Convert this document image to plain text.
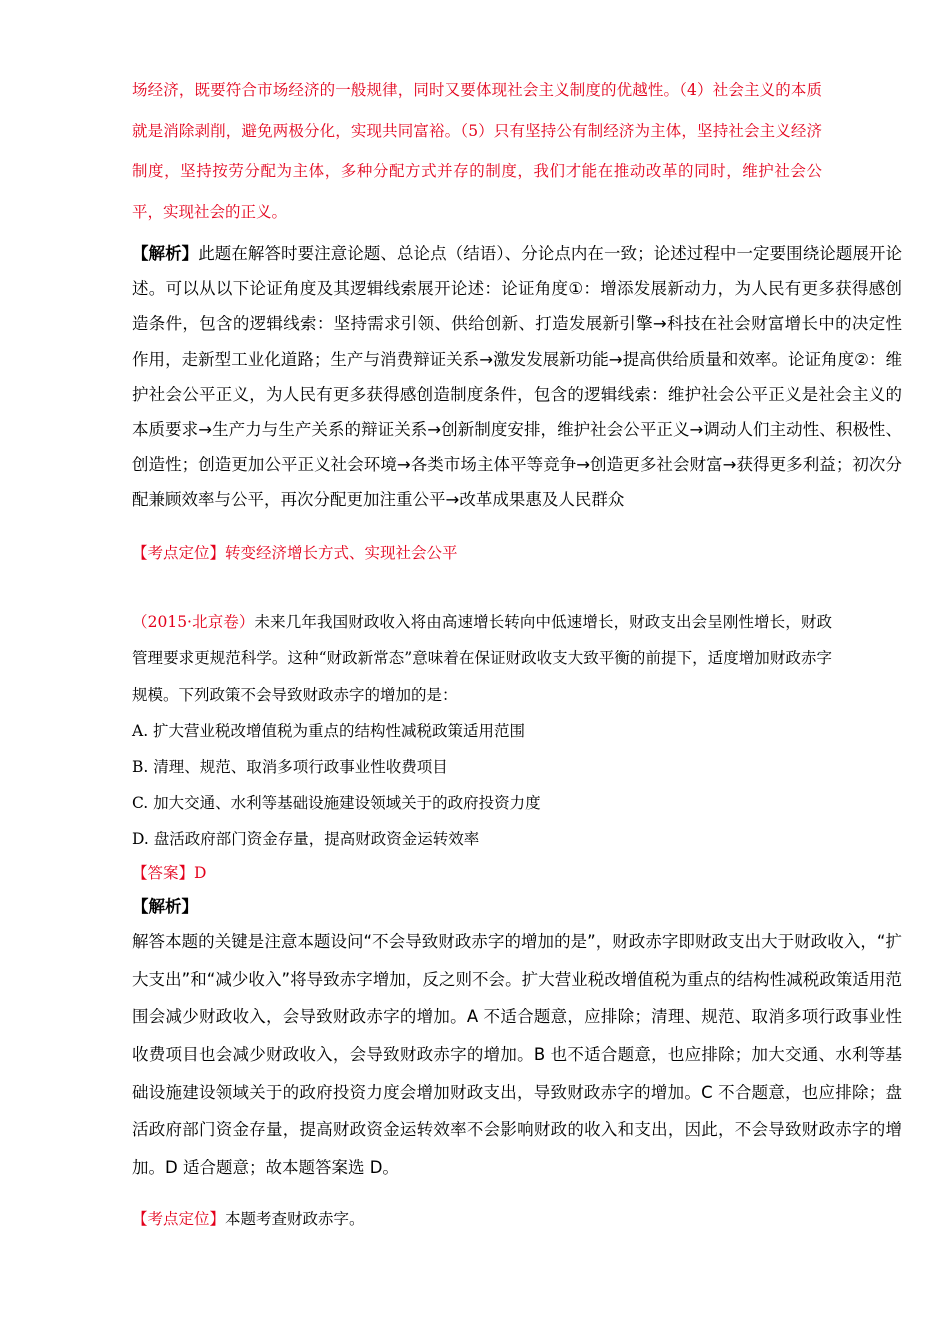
场经济，既要符合市场经济的一般规律，同时又要体现社会主义制度的优越性。（4）社会主义的本质就是消除剥削，避免两极分化，实现共同富裕。（5）只有坚持公有制经济为主体，坚持社会主义经济制度，坚持按劳分配为主体，多种分配方式并存的制度，我们才能在推动改革的同时，维护社会公平，实现社会的正义。

【解析】此题在解答时要注意论题、总论点（结语）、分论点内在一致；论述过程中一定要围绕论题展开论述。可以从以下论证角度及其逻辑线索展开论述：论证角度①：增添发展新动力，为人民有更多获得感创造条件，包含的逻辑线索：坚持需求引领、供给创新、打造发展新引擎→科技在社会财富增长中的决定性作用，走新型工业化道路；生产与消费辩证关系→激发发展新功能→提高供给质量和效率。论证角度②：维护社会公平正义，为人民有更多获得感创造制度条件，包含的逻辑线索：维护社会公平正义是社会主义的本质要求→生产力与生产关系的辩证关系→创新制度安排，维护社会公平正义→调动人们主动性、积极性、创造性；创造更加公平正义社会环境→各类市场主体平等竞争→创造更多社会财富→获得更多利益；初次分配兼顾效率与公平，再次分配更加注重公平→改革成果惠及人民群众

【考点定位】转变经济增长方式、实现社会公平

（2015·北京卷）未来几年我国财政收入将由高速增长转向中低速增长，财政支出会呈刚性增长，财政管理要求更规范科学。这种“财政新常态”意味着在保证财政收支大致平衡的前提下，适度增加财政赤字规模。下列政策不会导致财政赤字的增加的是：

A. 扩大营业税改增值税为重点的结构性减税政策适用范围

B. 清理、规范、取消多项行政事业性收费项目

C. 加大交通、水利等基础设施建设领域关于的政府投资力度

D. 盘活政府部门资金存量，提高财政资金运转效率

【答案】D

【解析】

解答本题的关键是注意本题设问“不会导致财政赤字的增加的是”，财政赤字即财政支出大于财政收入，“扩大支出”和“减少收入”将导致赤字增加，反之则不会。扩大营业税改增值税为重点的结构性减税政策适用范围会减少财政收入，会导致财政赤字的增加。A 不适合题意，应排除；清理、规范、取消多项行政事业性收费项目也会减少财政收入，会导致财政赤字的增加。B 也不适合题意，也应排除；加大交通、水利等基础设施建设领域关于的政府投资力度会增加财政支出，导致财政赤字的增加。C 不合题意，也应排除；盘活政府部门资金存量，提高财政资金运转效率不会影响财政的收入和支出，因此，不会导致财政赤字的增加。D 适合题意；故本题答案选 D。

【考点定位】本题考查财政赤字。
